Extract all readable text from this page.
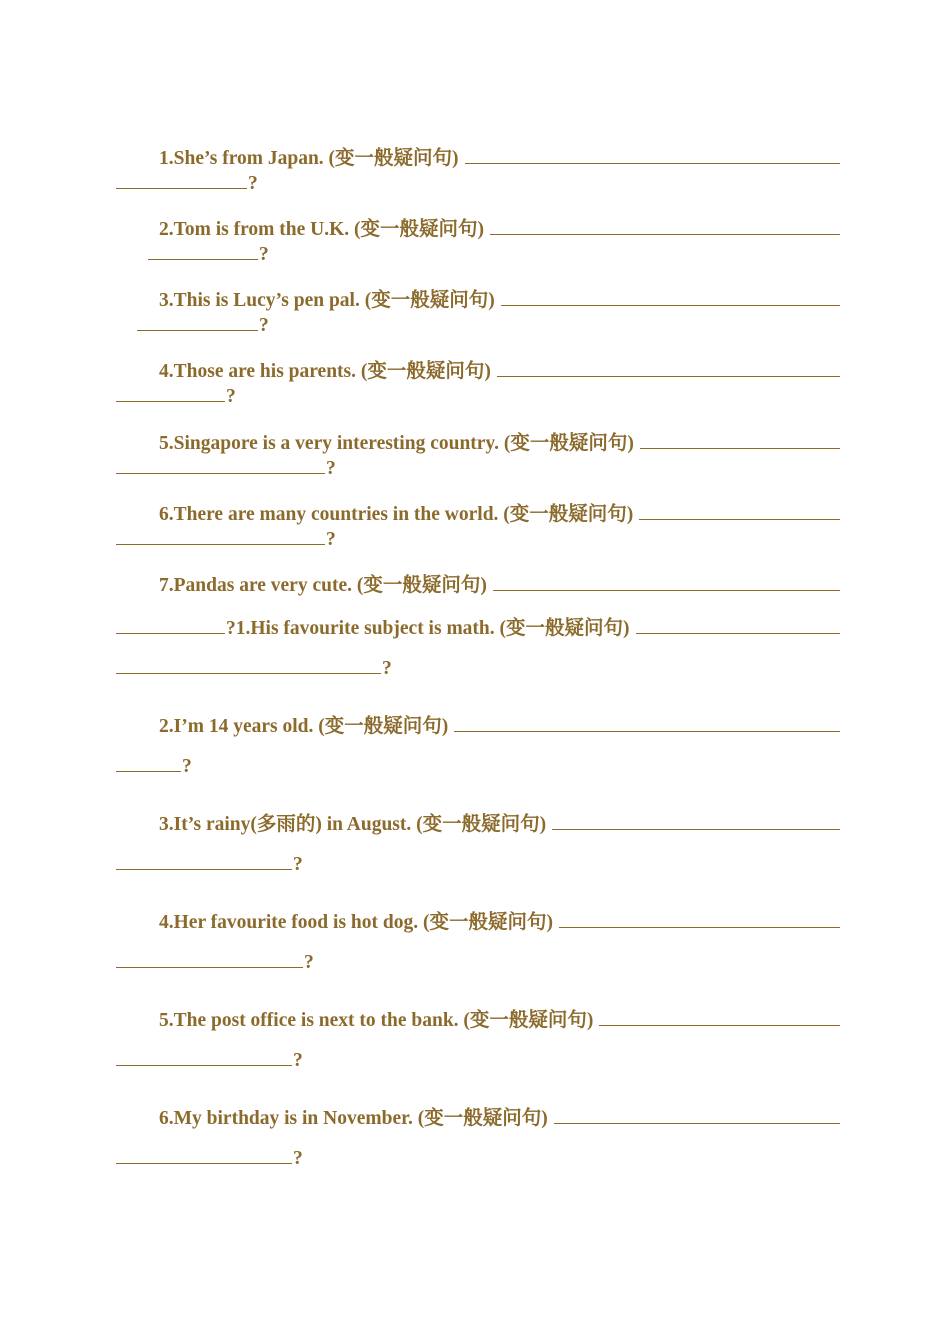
1.She’s from Japan. (变一般疑问句)
?
2.Tom is from the U.K. (变一般疑问句)
?
3.This is Lucy’s pen pal. (变一般疑问句)
?
4.Those are his parents. (变一般疑问句)
?
5.Singapore is a very interesting country. (变一般疑问句)
?
6.There are many countries in the world. (变一般疑问句)
?
7.Pandas are very cute. (变一般疑问句)
? 1.His favourite subject is math. (变一般疑问句)
?
2.I’m 14 years old. (变一般疑问句)
?
3.It’s rainy(多雨的) in August. (变一般疑问句)
?
4.Her favourite food is hot dog. (变一般疑问句)
?
5.The post office is next to the bank. (变一般疑问句)
?
6.My birthday is in November. (变一般疑问句)
?
